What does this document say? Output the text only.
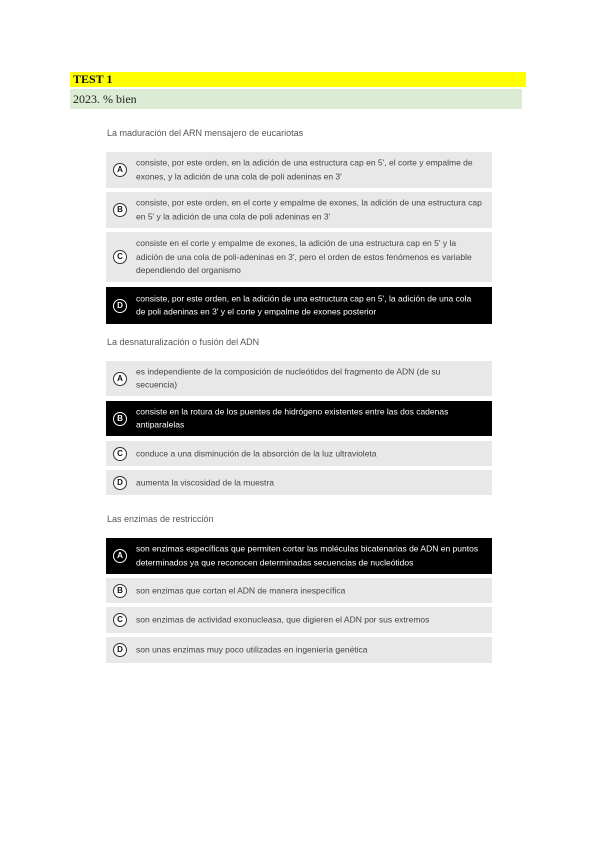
TEST 1
2023. % bien
La maduración del ARN mensajero de eucariotas
A
consiste, por este orden, en la adición de una estructura cap en 5', el corte y empalme de exones, y la adición de una cola de poli adeninas en 3'
B
consiste, por este orden, en el corte y empalme de exones, la adición de una estructura cap en 5' y la adición de una cola de poli adeninas en 3'
C
consiste en el corte y empalme de exones, la adición de una estructura cap en 5' y la adición de una cola de poli-adeninas en 3', pero el orden de estos fenómenos es variable dependiendo del organismo
D
consiste, por este orden, en la adición de una estructura cap en 5', la adición de una cola de poli adeninas en 3' y el corte y empalme de exones posterior
La desnaturalización o fusión del ADN
A
es independiente de la composición de nucleótidos del fragmento de ADN (de su secuencia)
B
consiste en la rotura de los puentes de hidrógeno existentes entre las dos cadenas antiparalelas
C	conduce a una disminución de la absorción de la luz ultravioleta
D	aumenta la viscosidad de la muestra
Las enzimas de restricción
A
son enzimas específicas que permiten cortar las moléculas bicatenarias de ADN en puntos determinados ya que reconocen determinadas secuencias de nucleótidos
B	son enzimas que cortan el ADN de manera inespecífica
C	son enzimas de actividad exonucleasa, que digieren el ADN por sus extremos
D	son unas enzimas muy poco utilizadas en ingeniería genética
